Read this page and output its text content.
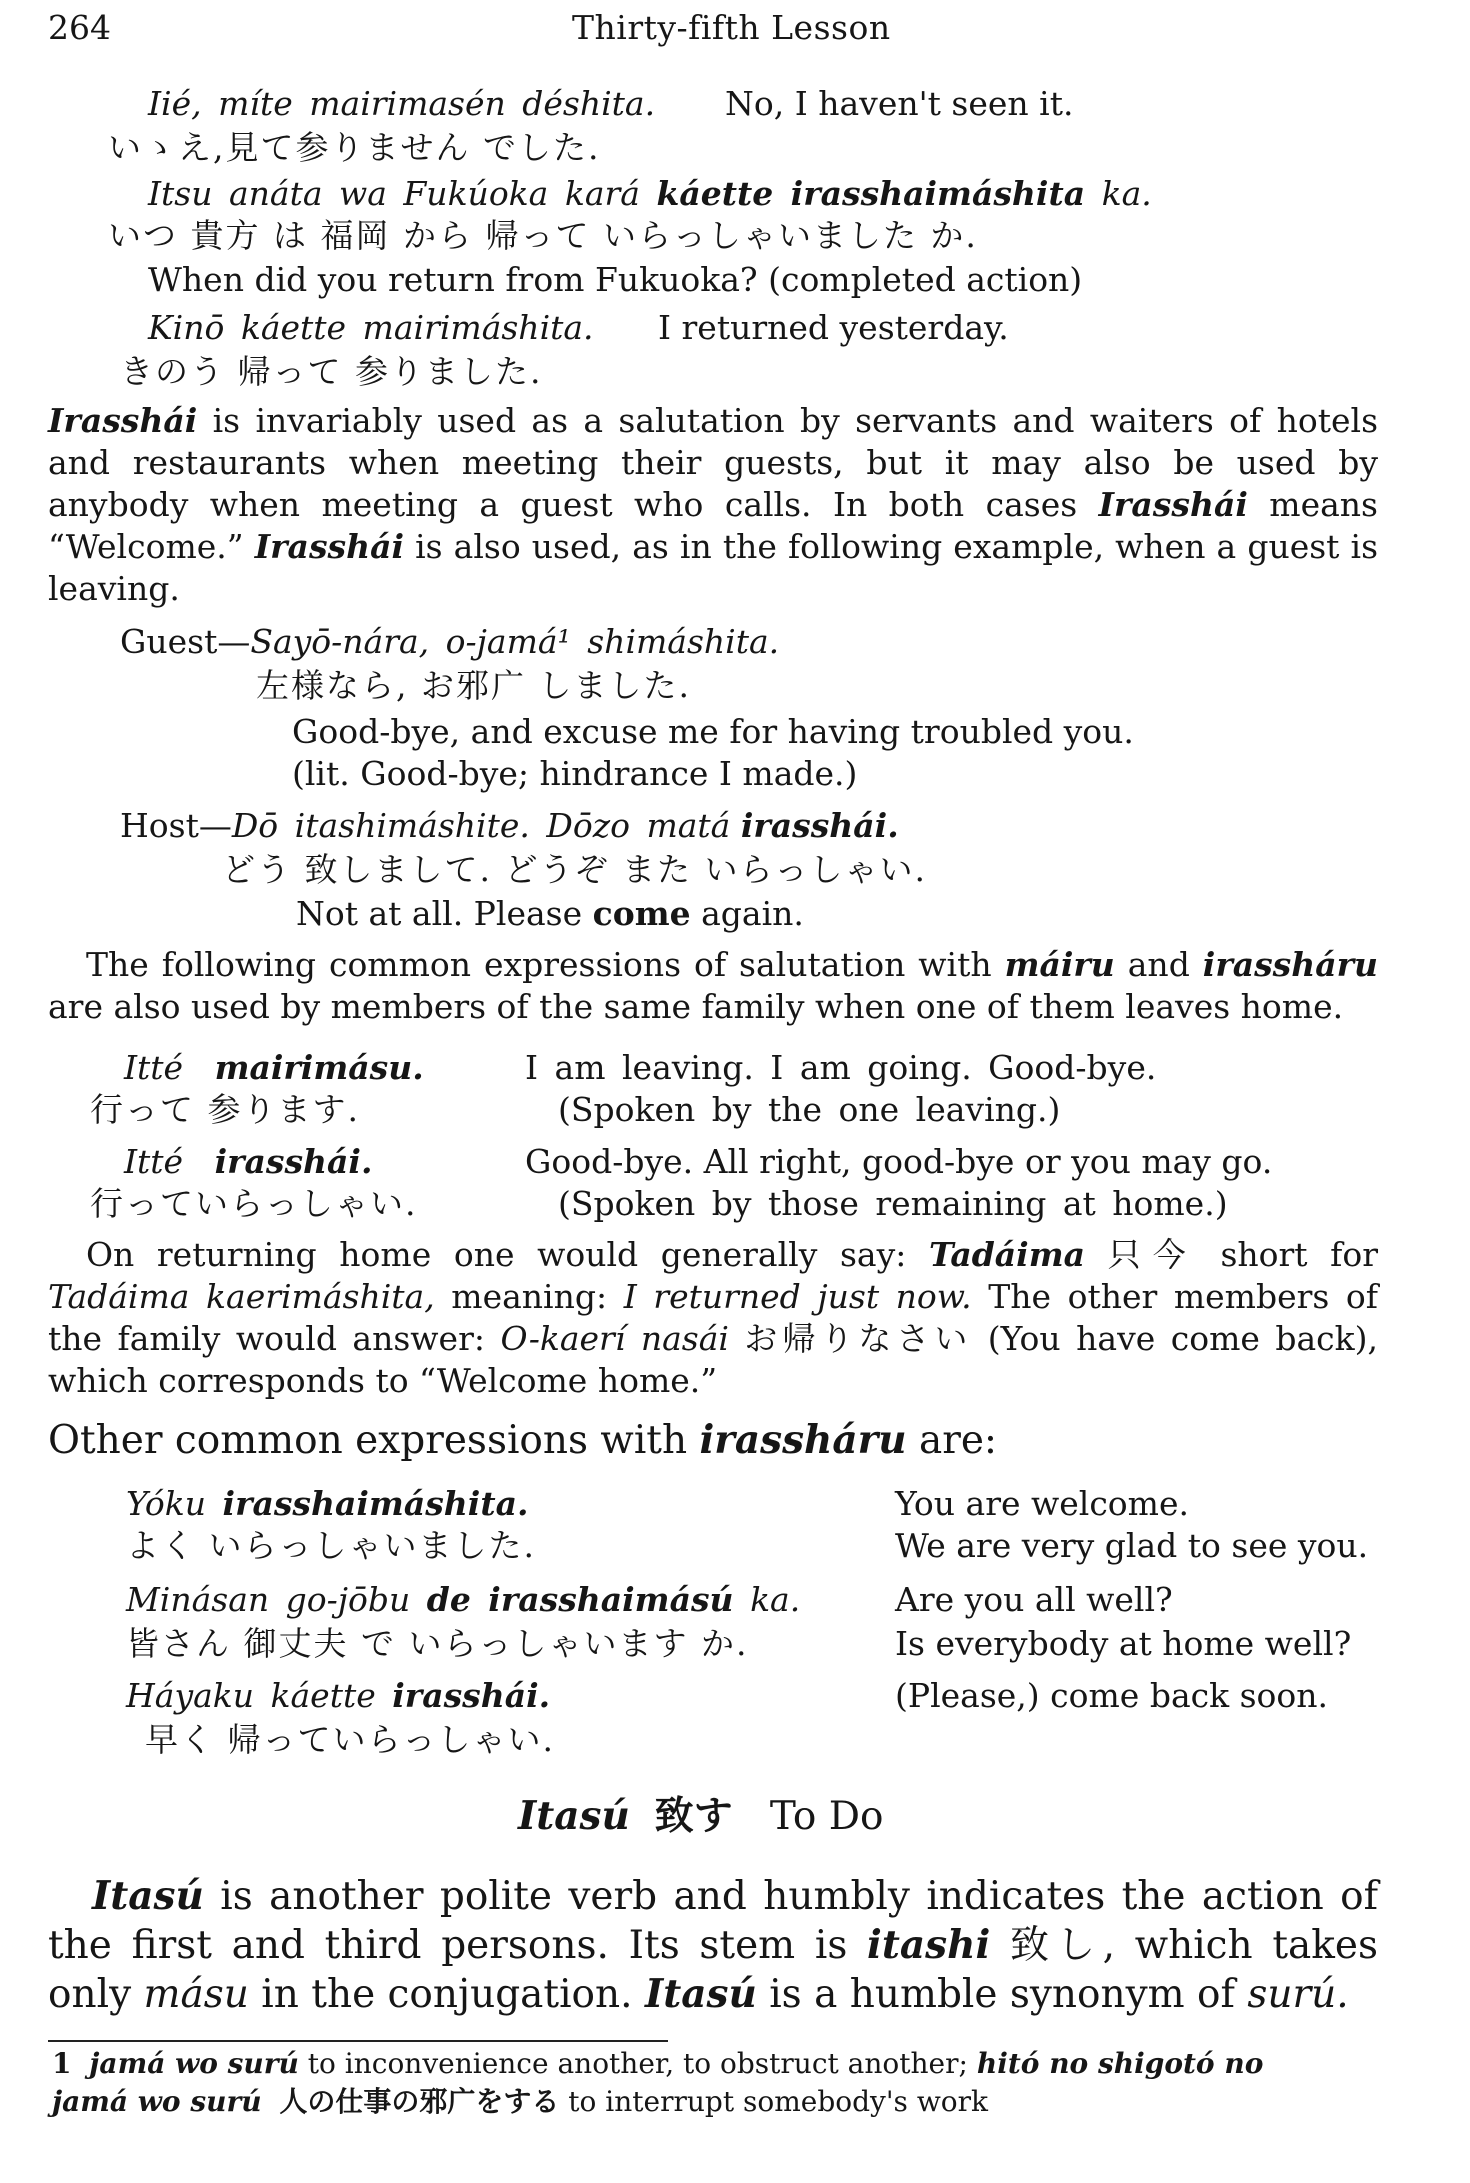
264	Thirty-fifth Lesson
Iié, míte mairimasén déshita. No, I haven't seen it.
いゝえ,見て参りません でした.
Itsu anáta wa Fukúoka kará káette irasshaimáshita ka.
いつ 貴方 は 福岡 から 帰って いらっしゃいました か.
When did you return from Fukuoka? (completed action)
Kinō káette mairimáshita. I returned yesterday.
きのう 帰って 参りました.
Irasshái is invariably used as a salutation by servants and waiters of hotels and restaurants when meeting their guests, but it may also be used by anybody when meeting a guest who calls. In both cases Irasshái means “Welcome.” Irasshái is also used, as in the following example, when a guest is leaving.
Guest—Sayō-nára, o-jamá¹ shimáshita.
左様なら, お邪广 しました.
Good-bye, and excuse me for having troubled you.
(lit. Good-bye; hindrance I made.)
Host—Dō itashimáshite. Dōzo matá irasshái.
どう 致しまして. どうぞ また いらっしゃい.
Not at all. Please come again.
The following common expressions of salutation with máiru and irassháru are also used by members of the same family when one of them leaves home.
Itté mairimásu.	I am leaving. I am going. Good-bye.
行って 参ります.	(Spoken by the one leaving.)
Itté irasshái.	Good-bye. All right, good-bye or you may go.
行っていらっしゃい.	(Spoken by those remaining at home.)
On returning home one would generally say: Tadáima 只今 short for Tadáima kaerimáshita, meaning: I returned just now. The other members of the family would answer: O-kaerí nasái お帰りなさい (You have come back), which corresponds to “Welcome home.”
Other common expressions with irassháru are:
Yóku irasshaimáshita.	You are welcome.
よく いらっしゃいました.	We are very glad to see you.
Minásan go-jōbu de irasshaimású ka.	Are you all well?
皆さん 御丈夫 で いらっしゃいます か.	Is everybody at home well?
Háyaku káette irasshái.	(Please,) come back soon.
早く 帰っていらっしゃい.
Itasú 致す To Do
Itasú is another polite verb and humbly indicates the action of the first and third persons. Its stem is itashi 致し, which takes only másu in the conjugation. Itasú is a humble synonym of surú.
1 jamá wo surú to inconvenience another, to obstruct another; hitó no shigotó no
jamá wo surú 人の仕事の邪广をする to interrupt somebody's work
